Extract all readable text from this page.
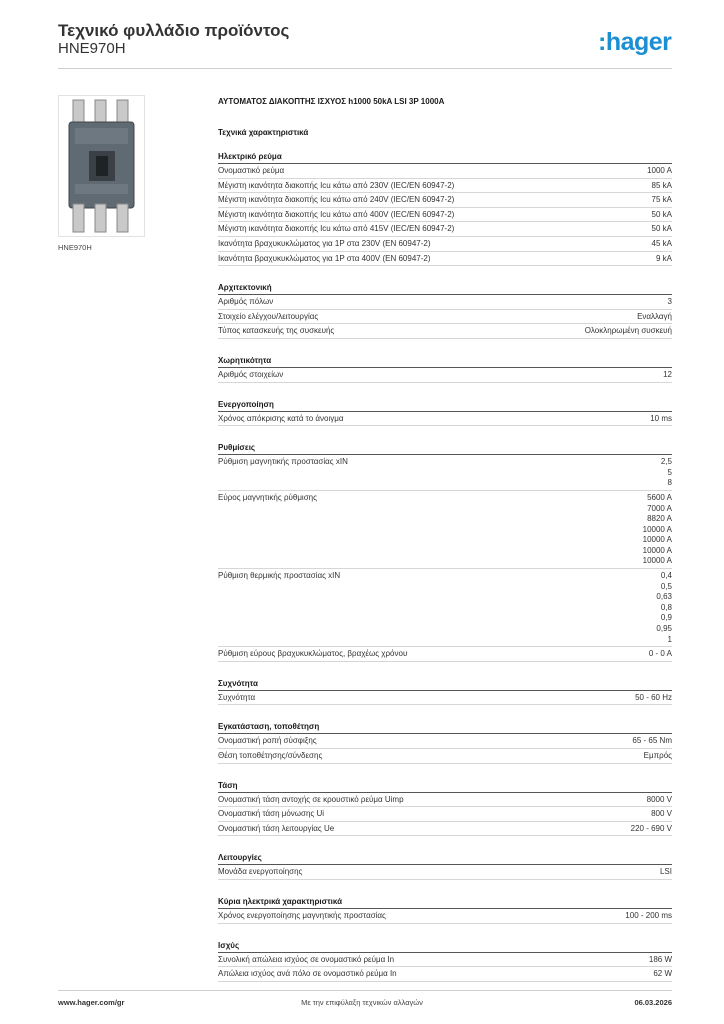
Τεχνικό φυλλάδιο προϊόντος
HNE970H	:hager
HNE970H
ΑΥΤΟΜΑΤΟΣ ΔΙΑΚΟΠΤΗΣ ΙΣΧΥΟΣ h1000 50kA LSI 3P 1000A
Τεχνικά χαρακτηριστικά
Ηλεκτρικό ρεύμα
Ονομαστικό ρεύμα	1000 A
Μέγιστη ικανότητα διακοπής Icu κάτω από 230V (IEC/EN 60947-2)	85 kA
Μέγιστη ικανότητα διακοπής Icu κάτω από 240V (IEC/EN 60947-2)	75 kA
Μέγιστη ικανότητα διακοπής Icu κάτω από 400V (IEC/EN 60947-2)	50 kA
Μέγιστη ικανότητα διακοπής Icu κάτω από 415V (IEC/EN 60947-2)	50 kA
Ικανότητα βραχυκυκλώματος για 1P στα 230V (EN 60947-2)	45 kA
Ικανότητα βραχυκυκλώματος για 1P στα 400V (EN 60947-2)	9 kA
Αρχιτεκτονική
Αριθμός πόλων	3
Στοιχείο ελέγχου/λειτουργίας	Εναλλαγή
Τύπος κατασκευής της συσκευής	Ολοκληρωμένη συσκευή
Χωρητικότητα
Αριθμός στοιχείων	12
Ενεργοποίηση
Χρόνος απόκρισης κατά το άνοιγμα	10 ms
Ρυθμίσεις
Ρύθμιση μαγνητικής προστασίας xIN	2,5
5
8
Εύρος μαγνητικής ρύθμισης	5600 A
7000 A
8820 A
10000 A
10000 A
10000 A
10000 A
Ρύθμιση θερμικής προστασίας xIN	0,4
0,5
0,63
0,8
0,9
0,95
1
Ρύθμιση εύρους βραχυκυκλώματος, βραχέως χρόνου	0 - 0 A
Συχνότητα
Συχνότητα	50 - 60 Hz
Εγκατάσταση, τοποθέτηση
Ονομαστική ροπή σύσφιξης	65 - 65 Nm
Θέση τοποθέτησης/σύνδεσης	Εμπρός
Τάση
Ονομαστική τάση αντοχής σε κρουστικό ρεύμα Uimp	8000 V
Ονομαστική τάση μόνωσης Ui	800 V
Ονομαστική τάση λειτουργίας Ue	220 - 690 V
Λειτουργίες
Μονάδα ενεργοποίησης	LSI
Κύρια ηλεκτρικά χαρακτηριστικά
Χρόνος ενεργοποίησης μαγνητικής προστασίας	100 - 200 ms
Ισχύς
Συνολική απώλεια ισχύος σε ονομαστικό ρεύμα In	186 W
Απώλεια ισχύος ανά πόλο σε ονομαστικό ρεύμα In	62 W
Με την επιφύλαξη τεχνικών αλλαγών
www.hager.com/gr	06.03.2026
